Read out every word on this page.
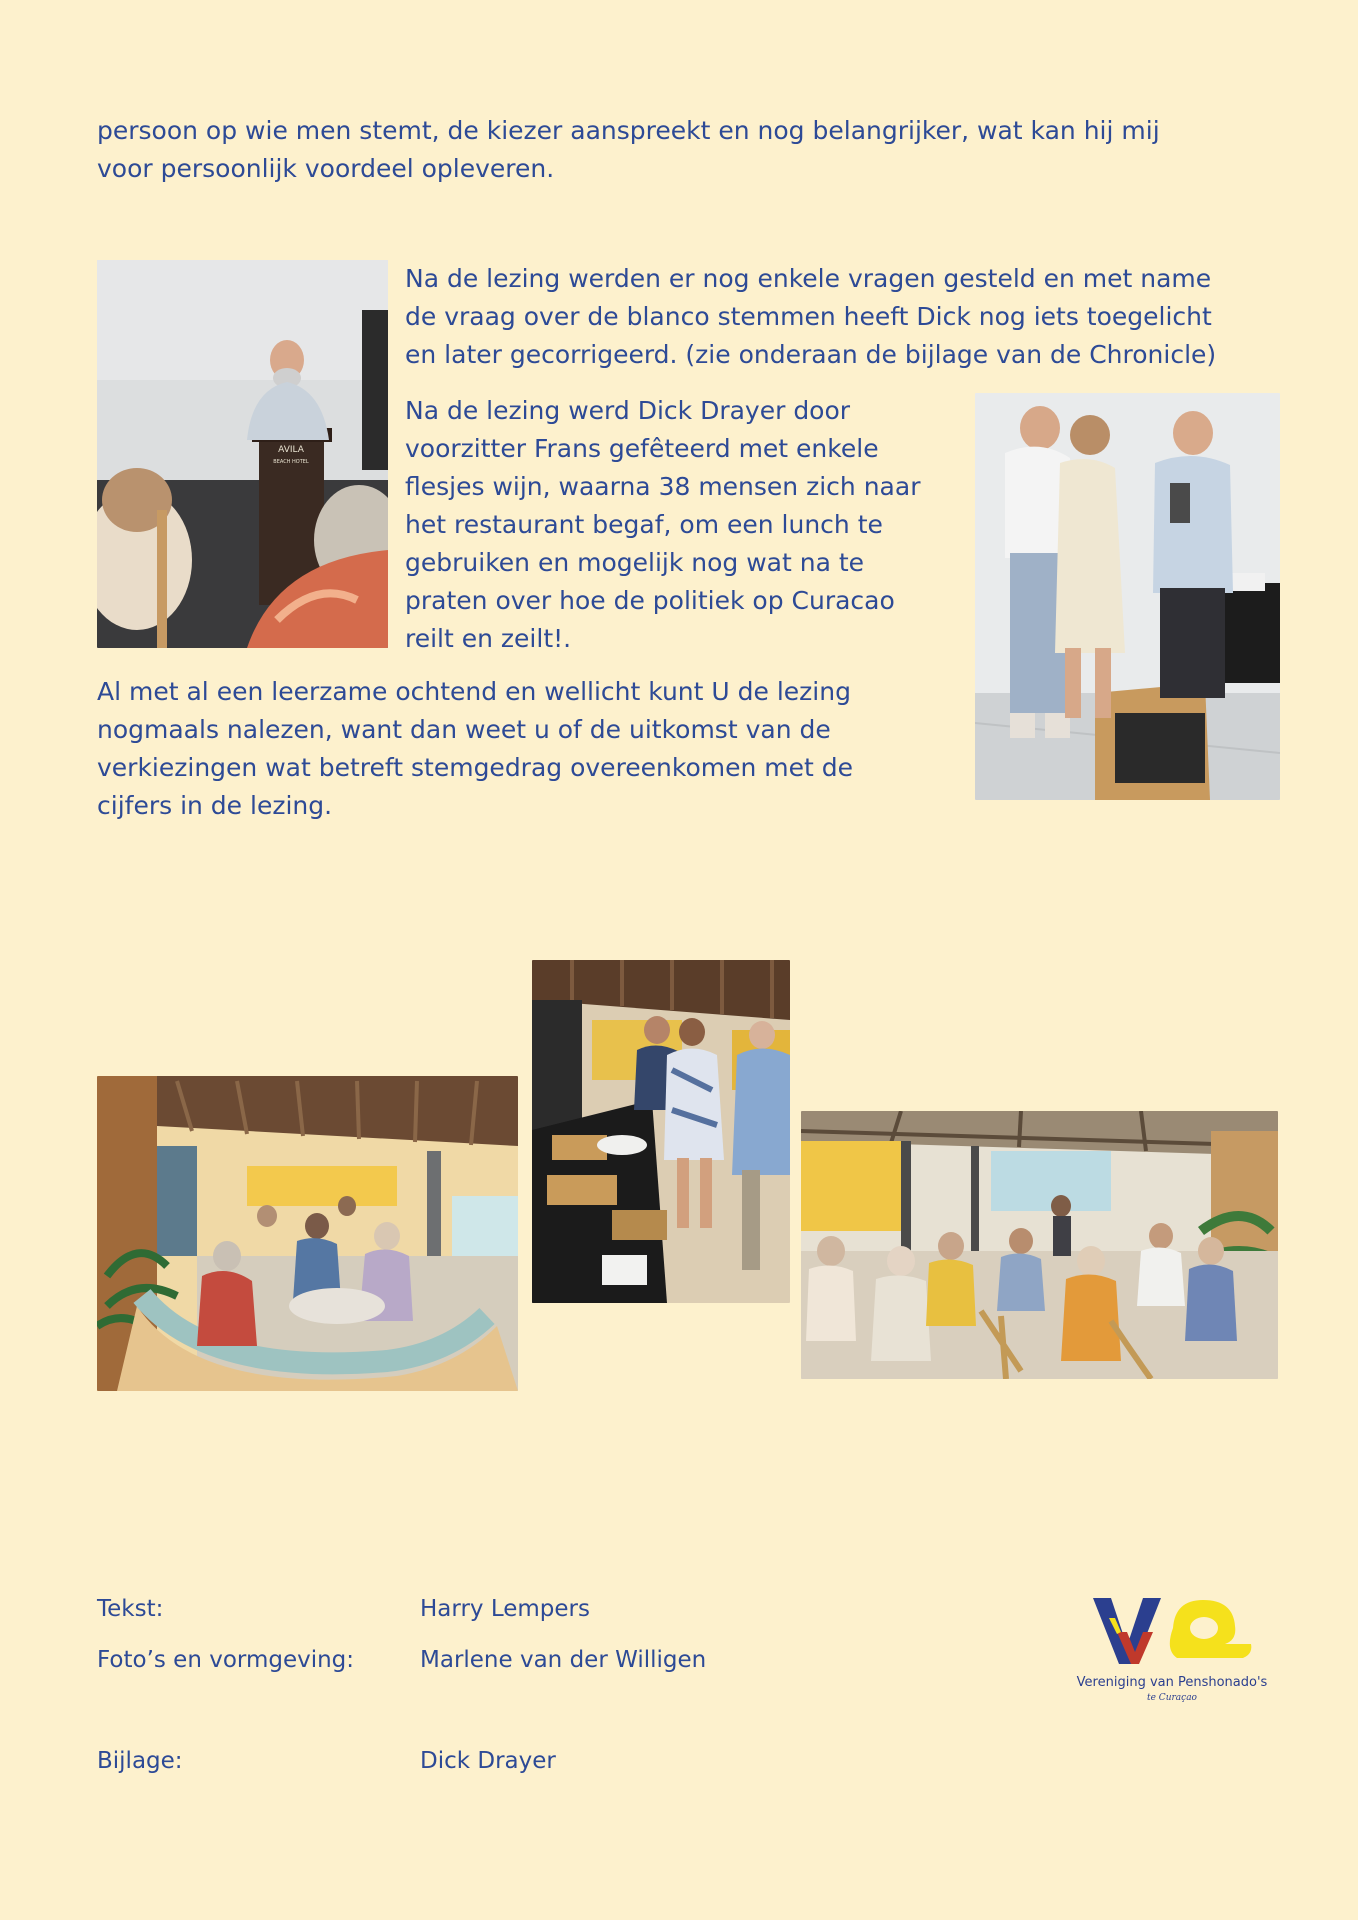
persoon op wie men stemt, de kiezer aanspreekt en nog belangrijker, wat kan hij mij
voor persoonlijk voordeel opleveren.
AVILA
BEACH HOTEL
Na de lezing werden er nog enkele vragen gesteld en met name
de vraag over de blanco stemmen heeft Dick nog iets toegelicht
en later gecorrigeerd. (zie onderaan de bijlage van de Chronicle)
Na de lezing werd Dick Drayer door
voorzitter Frans gefêteerd met enkele
flesjes wijn, waarna 38 mensen zich naar
het restaurant begaf, om een lunch te
gebruiken en mogelijk nog wat na te
praten over hoe de politiek op Curacao
reilt en zeilt!.
Al met al een leerzame ochtend en wellicht kunt U de lezing
nogmaals nalezen, want dan weet u of de uitkomst van de
verkiezingen wat betreft stemgedrag overeenkomen met de
cijfers in de lezing.
Tekst:	Harry Lempers
Foto’s en vormgeving:	Marlene van der Willigen
Bijlage:	Dick Drayer
Vereniging van Penshonado's
te Curaçao
